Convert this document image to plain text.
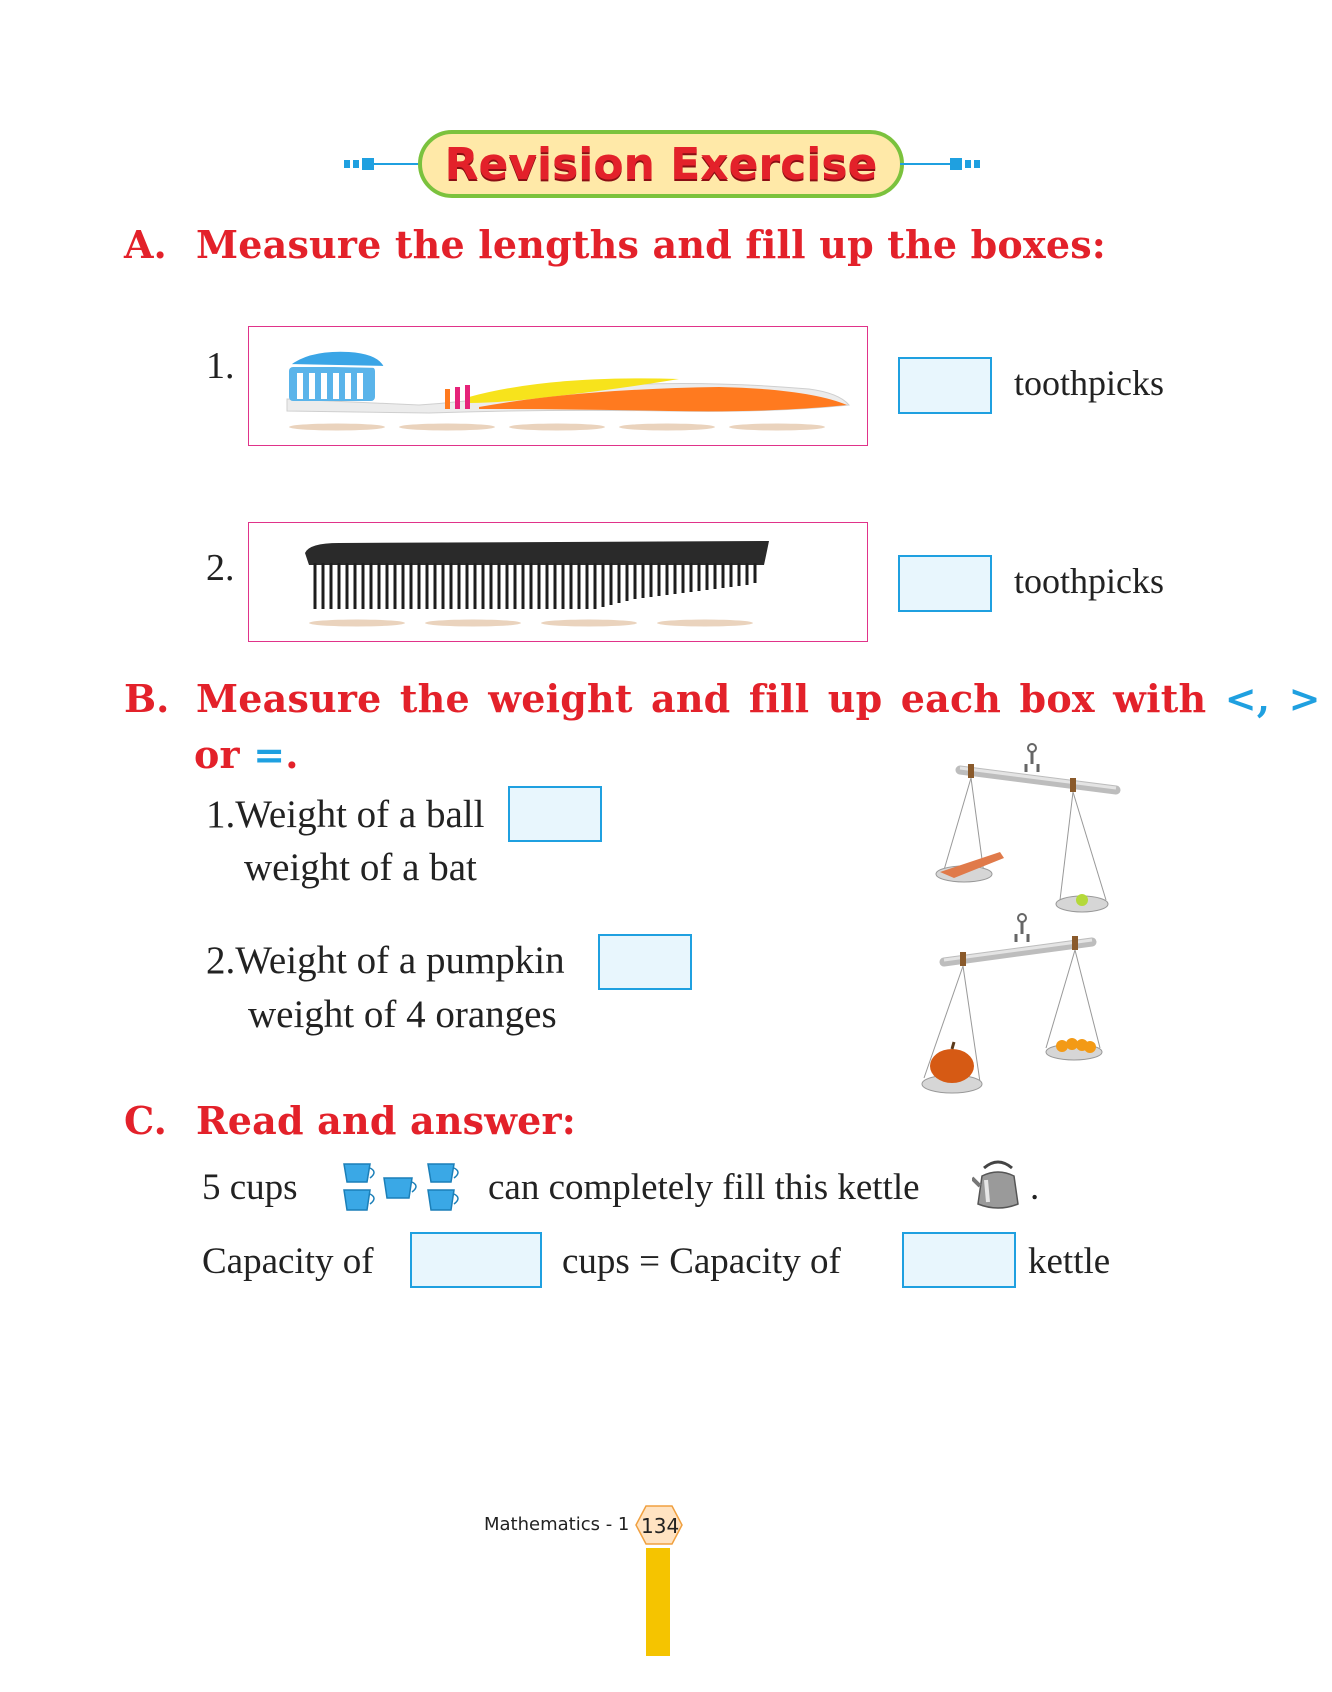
Revision Exercise
A. Measure the lengths and fill up the boxes:
1.	toothpicks
2.	toothpicks
B. Measure the weight and fill up each box with <, >
or =.
1.Weight of a ball
weight of a bat
2.Weight of a pumpkin
weight of 4 oranges
C. Read and answer:
5 cups	can completely fill this kettle	.
Capacity of	cups = Capacity of	kettle
Mathematics - 1 134
